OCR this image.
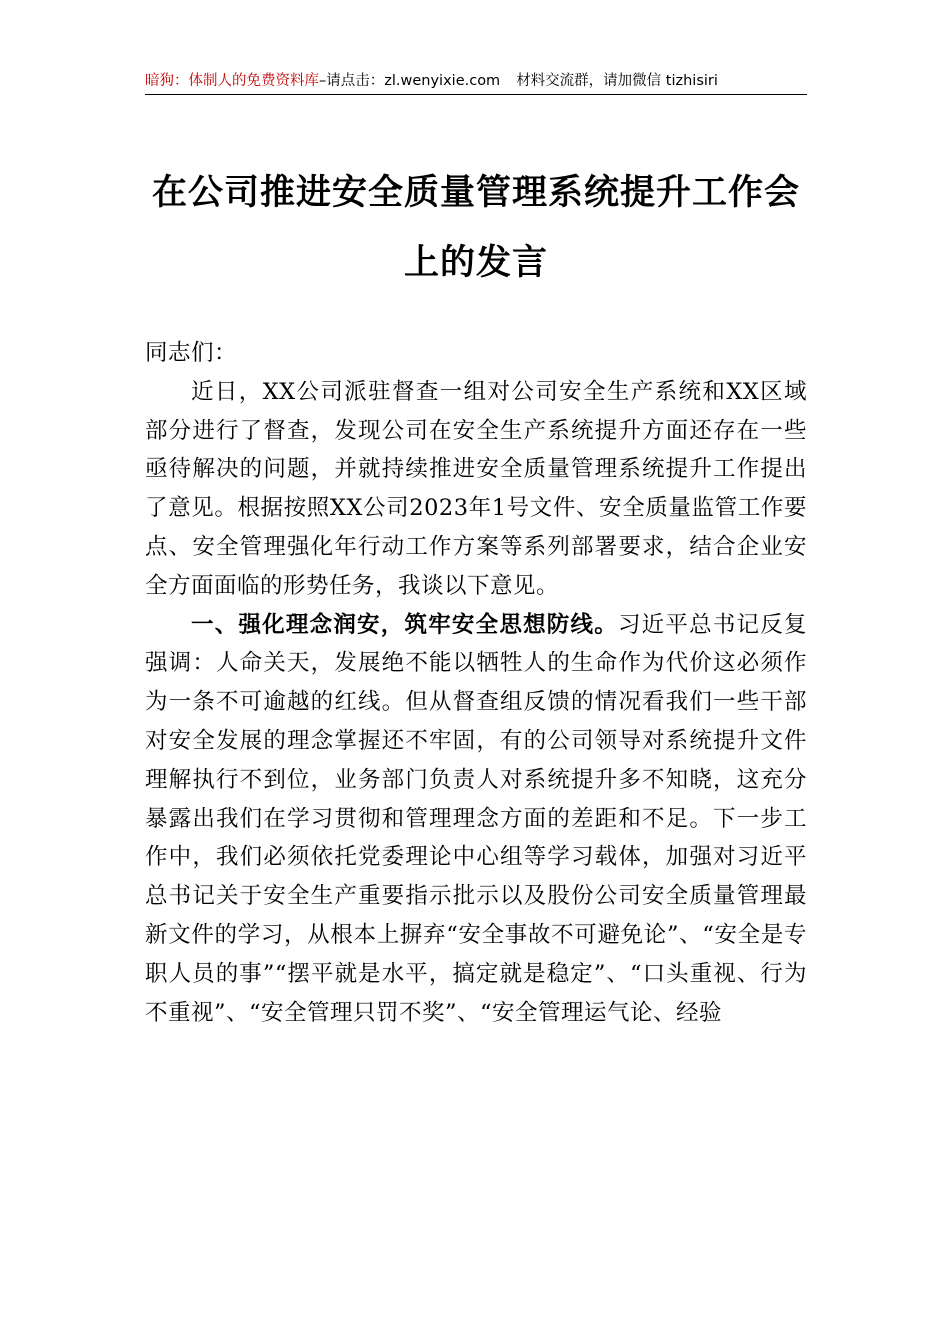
暗狗：体制人的免费资料库–请点击：zl.wenyixie.com 材料交流群，请加微信 tizhisiri
在公司推进安全质量管理系统提升工作会
上的发言

同志们：

近日，XX公司派驻督查一组对公司安全生产系统和XX区域部分进行了督查，发现公司在安全生产系统提升方面还存在一些亟待解决的问题，并就持续推进安全质量管理系统提升工作提出了意见。根据按照XX公司2023年1号文件、安全质量监管工作要点、安全管理强化年行动工作方案等系列部署要求，结合企业安全方面面临的形势任务，我谈以下意见。

一、强化理念润安，筑牢安全思想防线。习近平总书记反复强调：人命关天，发展绝不能以牺牲人的生命作为代价这必须作为一条不可逾越的红线。但从督查组反馈的情况看我们一些干部对安全发展的理念掌握还不牢固，有的公司领导对系统提升文件理解执行不到位，业务部门负责人对系统提升多不知晓，这充分暴露出我们在学习贯彻和管理理念方面的差距和不足。下一步工作中，我们必须依托党委理论中心组等学习载体，加强对习近平总书记关于安全生产重要指示批示以及股份公司安全质量管理最新文件的学习，从根本上摒弃“安全事故不可避免论”、“安全是专职人员的事”“摆平就是水平，搞定就是稳定”、“口头重视、行为不重视”、“安全管理只罚不奖”、“安全管理运气论、经验
